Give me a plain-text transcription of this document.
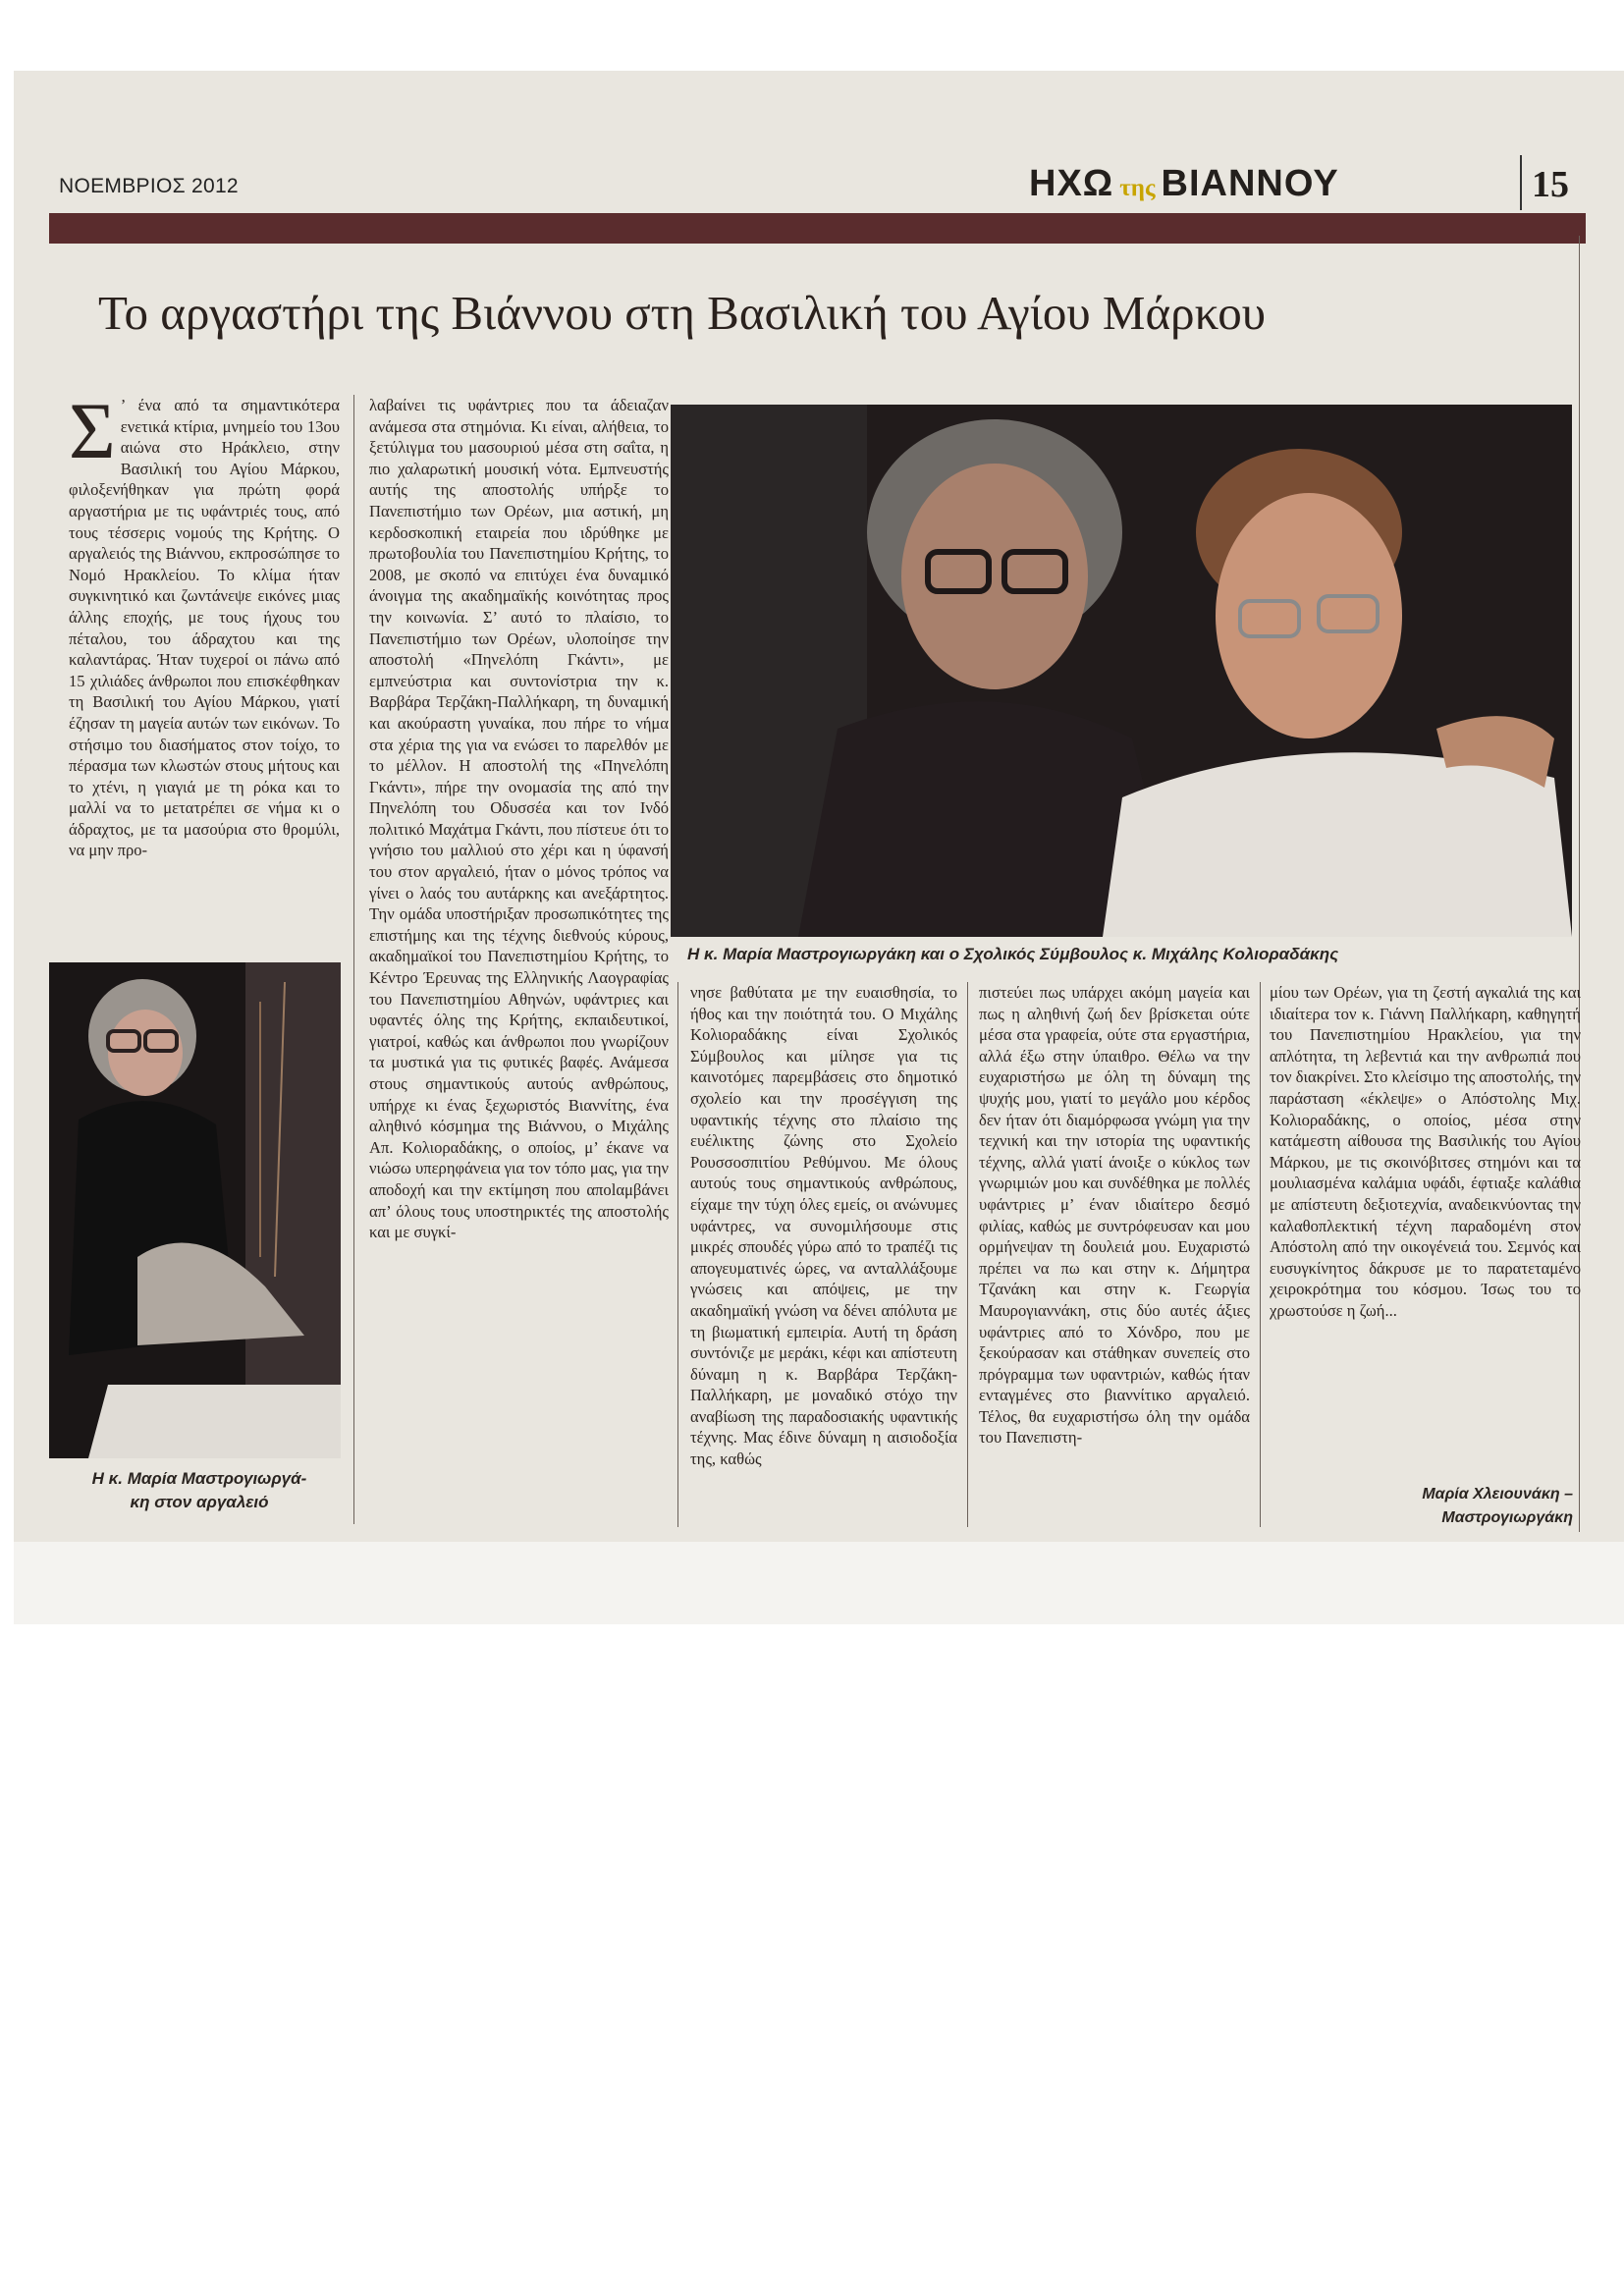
ΝΟΕΜΒΡΙΟΣ 2012	ΗΧΩ της ΒΙΑΝΝΟΥ	15
Το αργαστήρι της Βιάννου στη Βασιλική του Αγίου Μάρκου

Σ ’ ένα από τα σημαντικότερα ενετικά κτίρια, μνημείο του 13ου αιώνα στο Ηράκλειο, στην Βασιλική του Αγίου Μάρκου, φιλοξενήθηκαν για πρώτη φορά αργαστήρια με τις υφάντριές τους, από τους τέσσερις νομούς της Κρήτης. Ο αργαλειός της Βιάννου, εκπροσώπησε το Νομό Ηρακλείου. Το κλίμα ήταν συγκινητικό και ζωντάνεψε εικόνες μιας άλλης εποχής, με τους ήχους του πέταλου, του άδραχτου και της καλαντάρας. Ήταν τυχεροί οι πάνω από 15 χιλιάδες άνθρωποι που επισκέφθηκαν τη Βασιλική του Αγίου Μάρκου, γιατί έζησαν τη μαγεία αυτών των εικόνων. Το στήσιμο του διασήματος στον τοίχο, το πέρασμα των κλωστών στους μήτους και το χτένι, η γιαγιά με τη ρόκα και το μαλλί να το μετατρέπει σε νήμα κι ο άδραχτος, με τα μασούρια στο θρομύλι, να μην προ-

λαβαίνει τις υφάντριες που τα άδειαζαν ανάμεσα στα στημόνια. Κι είναι, αλήθεια, το ξετύλιγμα του μασουριού μέσα στη σαΐτα, η πιο χαλαρωτική μουσική νότα. Εμπνευστής αυτής της αποστολής υπήρξε το Πανεπιστήμιο των Ορέων, μια αστική, μη κερδοσκοπική εταιρεία που ιδρύθηκε με πρωτοβουλία του Πανεπιστημίου Κρήτης, το 2008, με σκοπό να επιτύχει ένα δυναμικό άνοιγμα της ακαδημαϊκής κοινότητας προς την κοινωνία. Σ’ αυτό το πλαίσιο, το Πανεπιστήμιο των Ορέων, υλοποίησε την αποστολή «Πηνελόπη Γκάντι», με εμπνεύστρια και συντονίστρια την κ. Βαρβάρα Τερζάκη-Παλλήκαρη, τη δυναμική και ακούραστη γυναίκα, που πήρε το νήμα στα χέρια της για να ενώσει το παρελθόν με το μέλλον. Η αποστολή της «Πηνελόπη Γκάντι», πήρε την ονομασία της από την Πηνελόπη του Οδυσσέα και τον Ινδό πολιτικό Μαχάτμα Γκάντι, που πίστευε ότι το γνήσιο του μαλλιού στο χέρι και η ύφανσή του στον αργαλειό, ήταν ο μόνος τρόπος να γίνει ο λαός του αυτάρκης και ανεξάρτητος. Την ομάδα υποστήριξαν προσωπικότητες της επιστήμης και της τέχνης διεθνούς κύρους, ακαδημαϊκοί του Πανεπιστημίου Κρήτης, το Κέντρο Έρευνας της Ελληνικής Λαογραφίας του Πανεπιστημίου Αθηνών, υφάντριες και υφαντές όλης της Κρήτης, εκπαιδευτικοί, γιατροί, καθώς και άνθρωποι που γνωρίζουν τα μυστικά για τις φυτικές βαφές. Ανάμεσα στους σημαντικούς αυτούς ανθρώπους, υπήρχε κι ένας ξεχωριστός Βιαννίτης, ένα αληθινό κόσμημα της Βιάννου, ο Μιχάλης Απ. Κολιοραδάκης, ο οποίος, μ’ έκανε να νιώσω υπερηφάνεια για τον τόπο μας, για την αποδοχή και την εκτίμηση που αποlαμβάνει απ’ όλους τους υποστηρικτές της αποστολής και με συγκί-

Η κ. Μαρία Μαστρογιωργάκη και ο Σχολικός Σύμβουλος κ. Μιχάλης Κολιοραδάκης

νησε βαθύτατα με την ευαισθησία, το ήθος και την ποιότητά του. Ο Μιχάλης Κολιοραδάκης είναι Σχολικός Σύμβουλος και μίλησε για τις καινοτόμες παρεμβάσεις στο δημοτικό σχολείο και την προσέγγιση της υφαντικής τέχνης στο πλαίσιο της ευέλικτης ζώνης στο Σχολείο Ρουσσοσπιτίου Ρεθύμνου. Με όλους αυτούς τους σημαντικούς ανθρώπους, είχαμε την τύχη όλες εμείς, οι ανώνυμες υφάντρες, να συνομιλήσουμε στις μικρές σπουδές γύρω από το τραπέζι τις απογευματινές ώρες, να ανταλλάξουμε γνώσεις και απόψεις, με την ακαδημαϊκή γνώση να δένει απόλυτα με τη βιωματική εμπειρία. Αυτή τη δράση συντόνιζε με μεράκι, κέφι και απίστευτη δύναμη η κ. Βαρβάρα Τερζάκη-Παλλήκαρη, με μοναδικό στόχο την αναβίωση της παραδοσιακής υφαντικής τέχνης. Μας έδινε δύναμη η αισιοδοξία της, καθώς

πιστεύει πως υπάρχει ακόμη μαγεία και πως η αληθινή ζωή δεν βρίσκεται ούτε μέσα στα γραφεία, ούτε στα εργαστήρια, αλλά έξω στην ύπαιθρο. Θέλω να την ευχαριστήσω με όλη τη δύναμη της ψυχής μου, γιατί το μεγάλο μου κέρδος δεν ήταν ότι διαμόρφωσα γνώμη για την τεχνική και την ιστορία της υφαντικής τέχνης, αλλά γιατί άνοιξε ο κύκλος των γνωριμιών μου και συνδέθηκα με πολλές υφάντριες μ’ έναν ιδιαίτερο δεσμό φιλίας, καθώς με συντρόφευσαν και μου ορμήνεψαν τη δουλειά μου. Ευχαριστώ πρέπει να πω και στην κ. Δήμητρα Τζανάκη και στην κ. Γεωργία Μαυρογιαννάκη, στις δύο αυτές άξιες υφάντριες από το Χόνδρο, που με ξεκούρασαν και στάθηκαν συνεπείς στο πρόγραμμα των υφαντριών, καθώς ήταν ενταγμένες στο βιαννίτικο αργαλειό. Τέλος, θα ευχαριστήσω όλη την ομάδα του Πανεπιστη-

μίου των Ορέων, για τη ζεστή αγκαλιά της και ιδιαίτερα τον κ. Γιάννη Παλλήκαρη, καθηγητή του Πανεπιστημίου Ηρακλείου, για την απλότητα, τη λεβεντιά και την ανθρωπιά που τον διακρίνει. Στο κλείσιμο της αποστολής, την παράσταση «έκλεψε» ο Απόστολης Μιχ. Κολιοραδάκης, ο οποίος, μέσα στην κατάμεστη αίθουσα της Βασιλικής του Αγίου Μάρκου, με τις σκοινόβιτσες στημόνι και τα μουλιασμένα καλάμια υφάδι, έφτιαξε καλάθια με απίστευτη δεξιοτεχνία, αναδεικνύοντας την καλαθοπλεκτική τέχνη παραδομένη στον Απόστολη από την οικογένειά του. Σεμνός και ευσυγκίνητος δάκρυσε με το παρατεταμένο χειροκρότημα του κόσμου. Ίσως του το χρωστούσε η ζωή...

Η κ. Μαρία Μαστρογιωργά-
κη στον αργαλειό	Μαρία Χλειουνάκη –
Μαστρογιωργάκη
